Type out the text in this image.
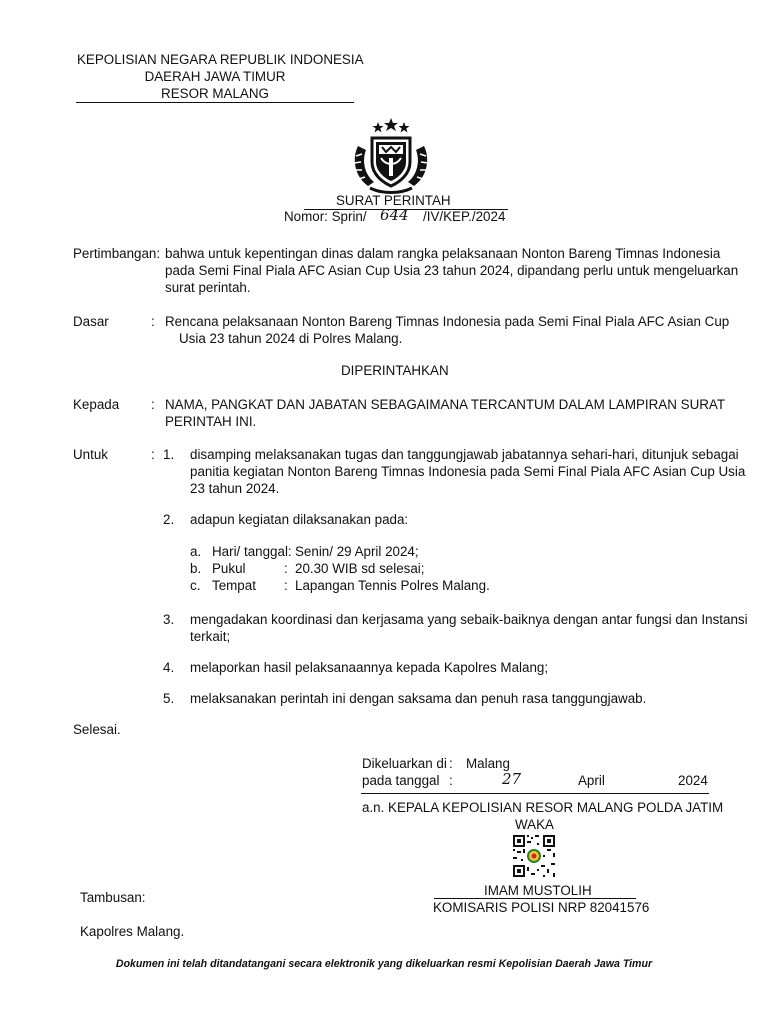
KEPOLISIAN NEGARA REPUBLIK INDONESIA
DAERAH JAWA TIMUR
RESOR MALANG
SURAT PERINTAH
Nomor: Sprin/ 644 /IV/KEP./2024
Pertimbangan: bahwa untuk kepentingan dinas dalam rangka pelaksanaan Nonton Bareng Timnas Indonesia
pada Semi Final Piala AFC Asian Cup Usia 23 tahun 2024, dipandang perlu untuk mengeluarkan
surat perintah.
Dasar	: Rencana pelaksanaan Nonton Bareng Timnas Indonesia pada Semi Final Piala AFC Asian Cup
Usia 23 tahun 2024 di Polres Malang.
DIPERINTAHKAN
Kepada : NAMA, PANGKAT DAN JABATAN SEBAGAIMANA TERCANTUM DALAM LAMPIRAN SURAT
PERINTAH INI.
Untuk	: 1. disamping melaksanakan tugas dan tanggungjawab jabatannya sehari-hari, ditunjuk sebagai
panitia kegiatan Nonton Bareng Timnas Indonesia pada Semi Final Piala AFC Asian Cup Usia
23 tahun 2024.
2. adapun kegiatan dilaksanakan pada:
a. Hari/ tanggal: Senin/ 29 April 2024;
b. Pukul	: 20.30 WIB sd selesai;
c. Tempat : Lapangan Tennis Polres Malang.
3. mengadakan koordinasi dan kerjasama yang sebaik-baiknya dengan antar fungsi dan Instansi
terkait;
4. melaporkan hasil pelaksanaannya kepada Kapolres Malang;
5. melaksanakan perintah ini dengan saksama dan penuh rasa tanggungjawab.
Selesai.
Dikeluarkan di : Malang
pada tanggal :	27	April	2024
a.n. KEPALA KEPOLISIAN RESOR MALANG POLDA JATIM
WAKA
IMAM MUSTOLIH
KOMISARIS POLISI NRP 82041576
Tambusan:
Kapolres Malang.
Dokumen ini telah ditandatangani secara elektronik yang dikeluarkan resmi Kepolisian Daerah Jawa Timur
